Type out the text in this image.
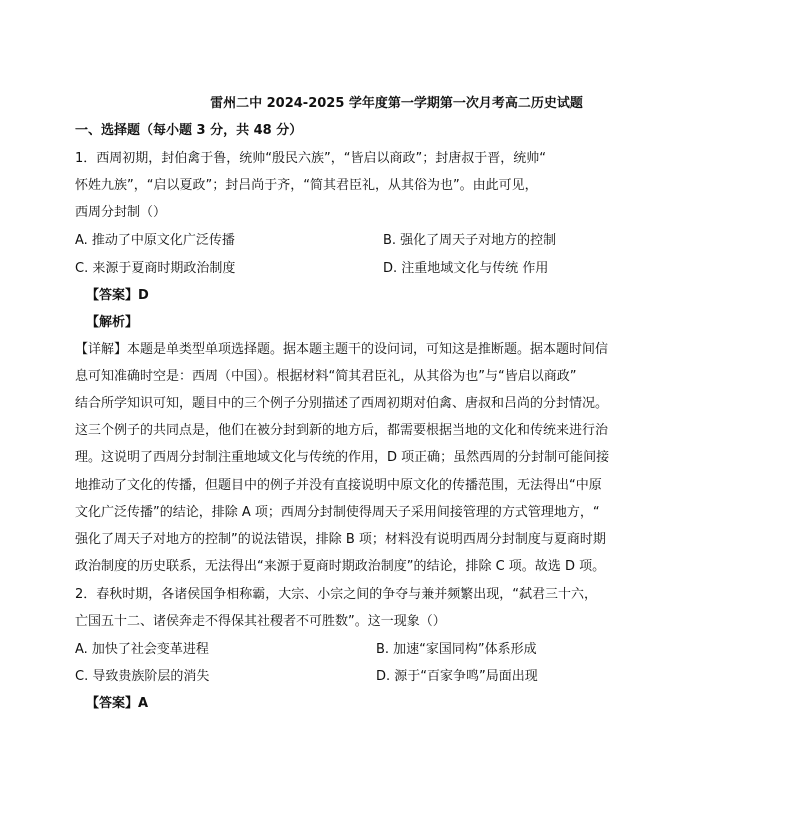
雷州二中 2024-2025 学年度第一学期第一次月考高二历史试题
一、选择题（每小题 3 分，共 48 分）
1．西周初期，封伯禽于鲁，统帅“殷民六族”，“皆启以商政”；封唐叔于晋，统帅“
怀姓九族”，“启以夏政”；封吕尚于齐，“简其君臣礼，从其俗为也”。由此可见，
西周分封制（）
A. 推动了中原文化广泛传播	B. 强化了周天子对地方的控制
C. 来源于夏商时期政治制度	D. 注重地域文化与传统 作用
【答案】D
【解析】
【详解】本题是单类型单项选择题。据本题主题干的设问词，可知这是推断题。据本题时间信
息可知准确时空是：西周（中国）。根据材料“简其君臣礼，从其俗为也”与“皆启以商政”
结合所学知识可知，题目中的三个例子分别描述了西周初期对伯禽、唐叔和吕尚的分封情况。
这三个例子的共同点是，他们在被分封到新的地方后，都需要根据当地的文化和传统来进行治
理。这说明了西周分封制注重地域文化与传统的作用，D 项正确；虽然西周的分封制可能间接
地推动了文化的传播，但题目中的例子并没有直接说明中原文化的传播范围，无法得出“中原
文化广泛传播”的结论，排除 A 项；西周分封制使得周天子采用间接管理的方式管理地方，“
强化了周天子对地方的控制”的说法错误，排除 B 项；材料没有说明西周分封制度与夏商时期
政治制度的历史联系，无法得出“来源于夏商时期政治制度”的结论，排除 C 项。故选 D 项。
2．春秋时期，各诸侯国争相称霸，大宗、小宗之间的争夺与兼并频繁出现，“弑君三十六，
亡国五十二、诸侯奔走不得保其社稷者不可胜数”。这一现象（）
A. 加快了社会变革进程	B. 加速“家国同构”体系形成
C. 导致贵族阶层的消失	D. 源于“百家争鸣”局面出现
【答案】A
